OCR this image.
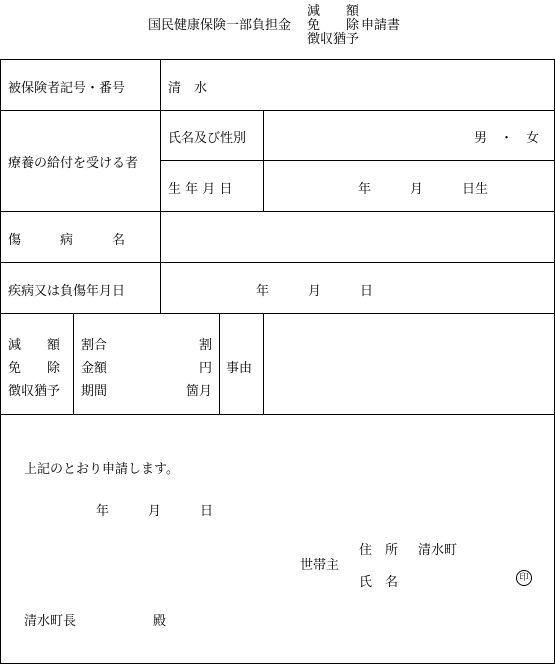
国民健康保険一部負担金
減　　額
免　　除
徴収猶予
申請書
被保険者記号・番号	清　水
療養の給付を受ける者
氏名及び性別	男　・　女
生 年 月 日	年　　　月　　　日生
傷　　　病　　　名
疾病又は負傷年月日	年　　　月　　　日
減　　額
免　　除
徴収猶予
割合	割
金額	円
期間	箇月
事由
上記のとおり申請します。
年　　　月　　　日
世帯主
住　所 清水町
氏　名	印
清水町長	殿
